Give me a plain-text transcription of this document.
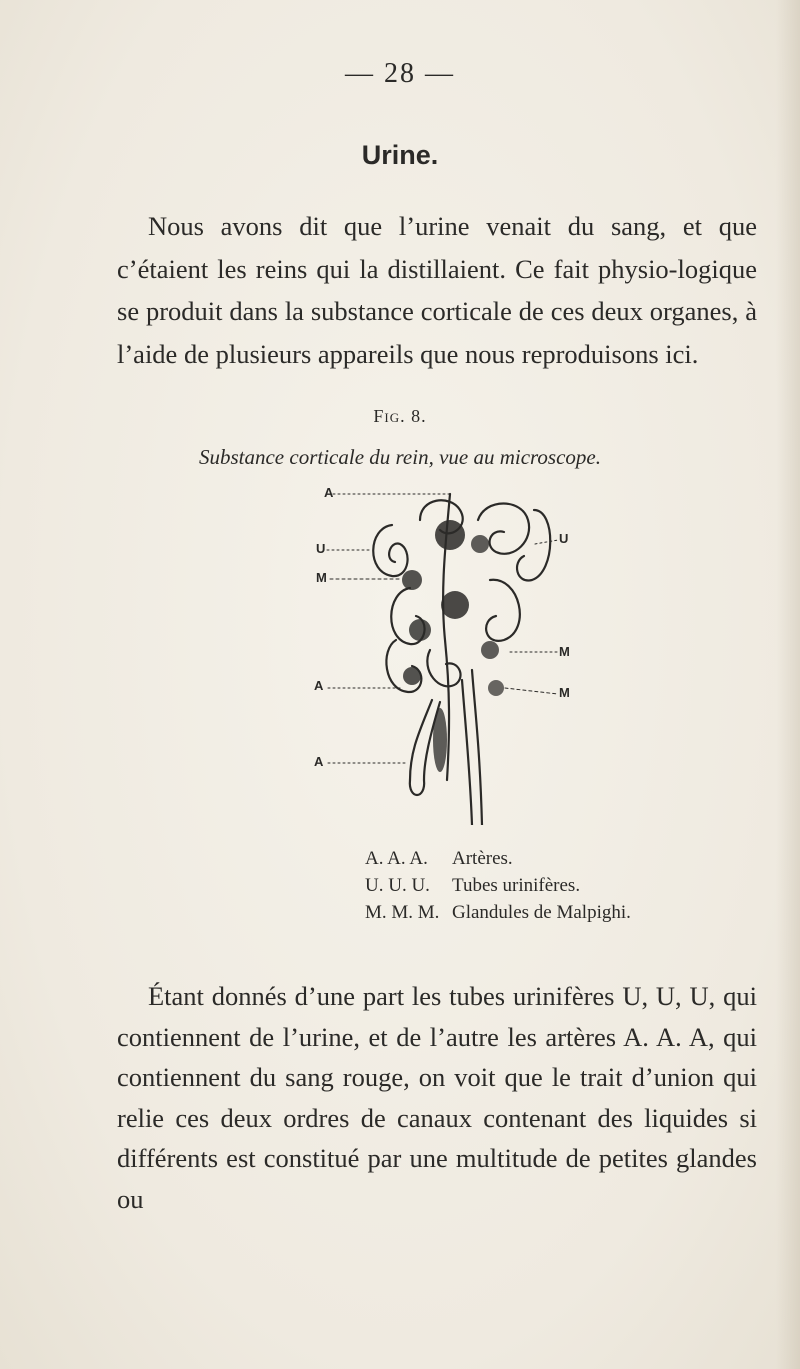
— 28 —
Urine.

Nous avons dit que l’urine venait du sang, et que c’étaient les reins qui la distillaient. Ce fait physio-logique se produit dans la substance corticale de ces deux organes, à l’aide de plusieurs appareils que nous reproduisons ici.

Fig. 8.
Substance corticale du rein, vue au microscope.
A
U
M
A
A
U
M
M
A. A. A. Artères.
U. U. U. Tubes urinifères.
M. M. M. Glandules de Malpighi.

Étant donnés d’une part les tubes urinifères U, U, U, qui contiennent de l’urine, et de l’autre les artères A. A. A, qui contiennent du sang rouge, on voit que le trait d’union qui relie ces deux ordres de canaux contenant des liquides si différents est constitué par une multitude de petites glandes ou
